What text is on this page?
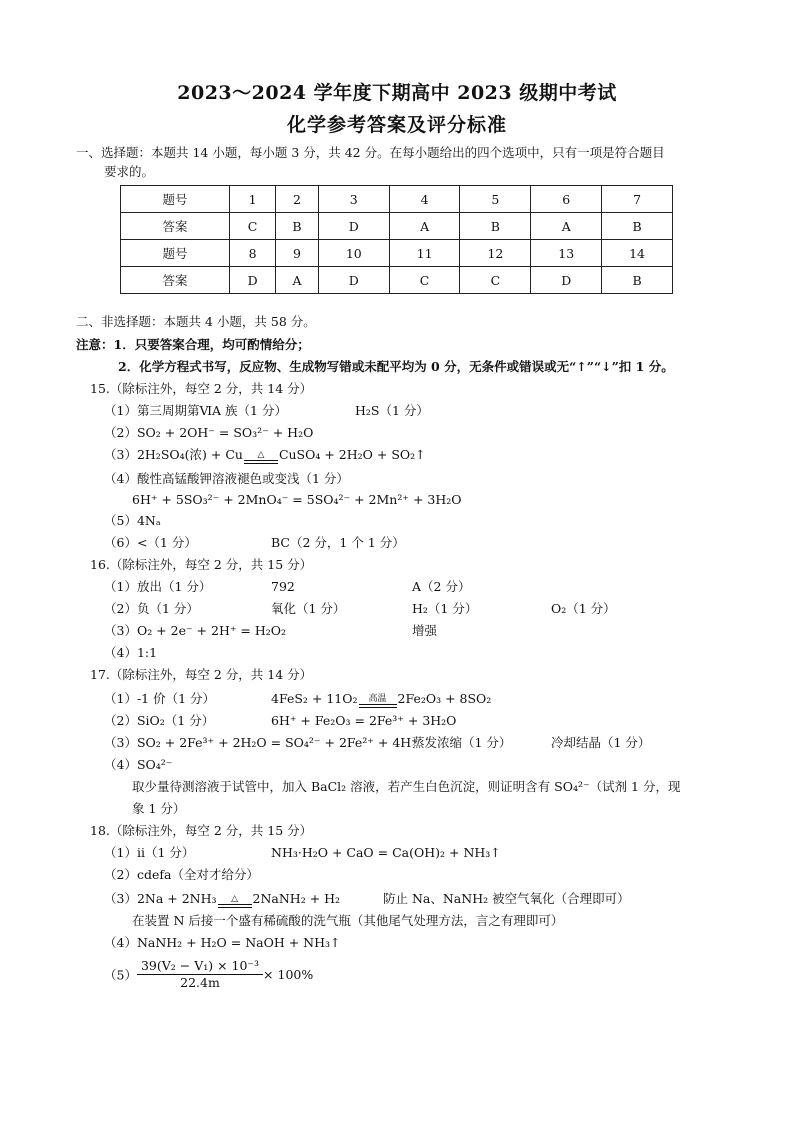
2023～2024 学年度下期高中 2023 级期中考试
化学参考答案及评分标准
一、选择题：本题共 14 小题，每小题 3 分，共 42 分。在每小题给出的四个选项中，只有一项是符合题目
要求的。
题号	1	2	3	4	5	6	7
答案	C	B	D	A	B	A	B
题号	8	9	10	11	12	13	14
答案	D	A	D	C	C	D	B
二、非选择题：本题共 4 小题，共 58 分。
注意：1．只要答案合理，均可酌情给分；
2．化学方程式书写，反应物、生成物写错或未配平均为 0 分，无条件或错误或无“↑”“↓”扣 1 分。
15.（除标注外，每空 2 分，共 14 分）
（1）第三周期第ⅥA 族（1 分）	H₂S（1 分）
（2）SO₂ + 2OH⁻ = SO₃²⁻ + H₂O
（3）2H₂SO₄(浓) + Cu	△	CuSO₄ + 2H₂O + SO₂↑
（4）酸性高锰酸钾溶液褪色或变浅（1 分）
6H⁺ + 5SO₃²⁻ + 2MnO₄⁻ = 5SO₄²⁻ + 2Mn²⁺ + 3H₂O
（5）4Nₐ
（6）<（1 分）	BC（2 分，1 个 1 分）
16.（除标注外，每空 2 分，共 15 分）
（1）放出（1 分）	792	A（2 分）
（2）负（1 分）	氧化（1 分）	H₂（1 分）	O₂（1 分）
（3）O₂ + 2e⁻ + 2H⁺ = H₂O₂	增强
（4）1:1
17.（除标注外，每空 2 分，共 14 分）
（1）-1 价（1 分）	4FeS₂ + 11O₂	高温 2Fe₂O₃ + 8SO₂
（2）SiO₂（1 分）	6H⁺ + Fe₂O₃ = 2Fe³⁺ + 3H₂O
（3）SO₂ + 2Fe³⁺ + 2H₂O = SO₄²⁻ + 2Fe²⁺ + 4H⁺
蒸发浓缩（1 分）	冷却结晶（1 分）
（4）SO₄²⁻
取少量待测溶液于试管中，加入 BaCl₂ 溶液，若产生白色沉淀，则证明含有 SO₄²⁻（试剂 1 分，现
象 1 分）
18.（除标注外，每空 2 分，共 15 分）
（1）ⅱ（1 分）	NH₃·H₂O + CaO = Ca(OH)₂ + NH₃↑
（2）cdefa（全对才给分）
（3）2Na + 2NH₃	△	2NaNH₂ + H₂	防止 Na、NaNH₂ 被空气氧化（合理即可）
在装置 N 后接一个盛有稀硫酸的洗气瓶（其他尾气处理方法，言之有理即可）
（4）NaNH₂ + H₂O = NaOH + NH₃↑
$(5) \frac{\text{39(V₂ − V₁) × 10⁻³}}{22.4m} \times 100\%$
